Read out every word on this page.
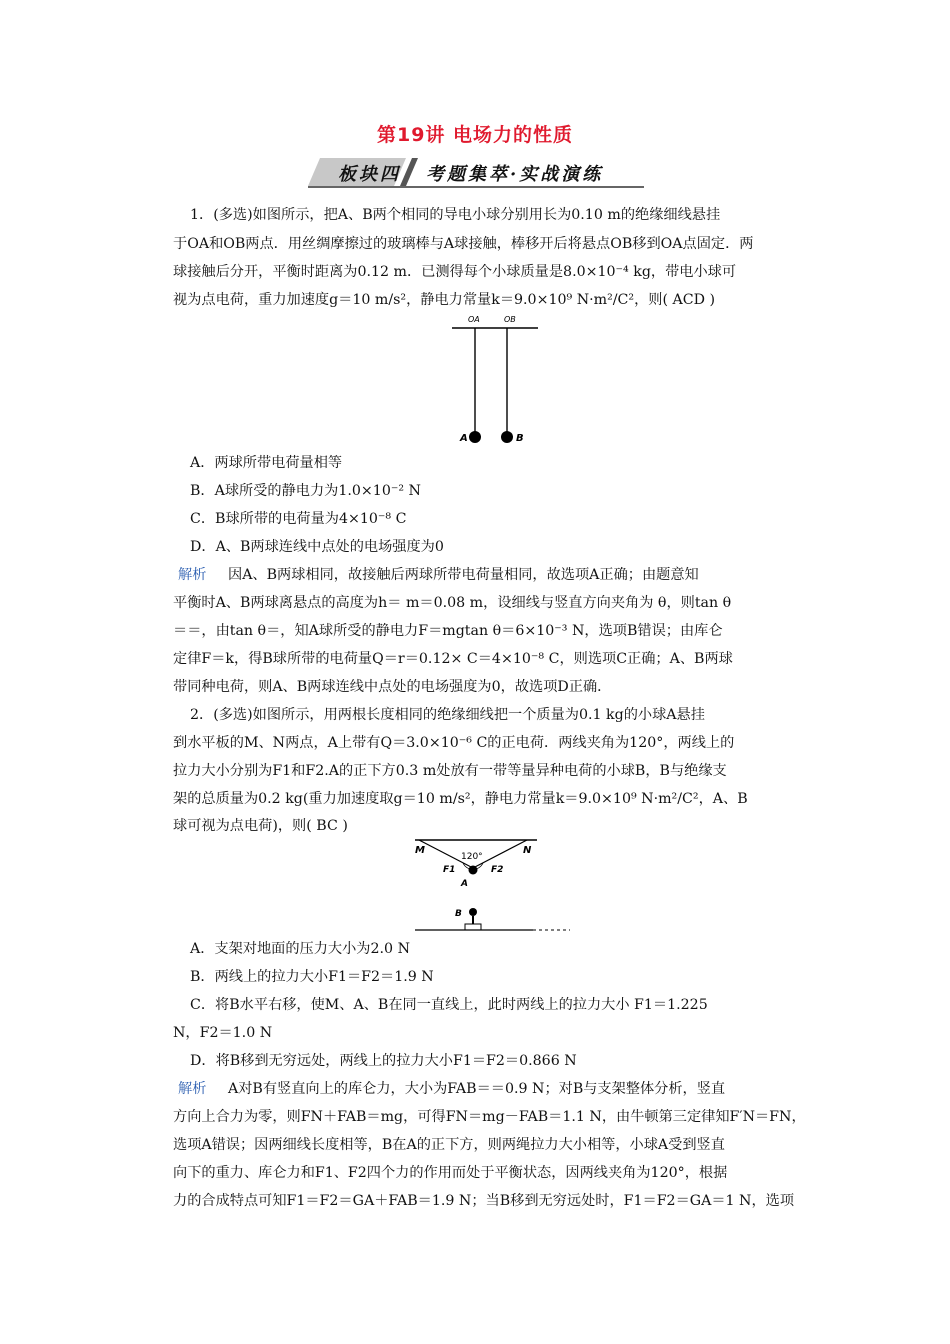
第19讲 电场力的性质
板块四 考题集萃·实战演练
1．(多选)如图所示，把A、B两个相同的导电小球分别用长为0.10 m的绝缘细线悬挂
于OA和OB两点．用丝绸摩擦过的玻璃棒与A球接触，棒移开后将悬点OB移到OA点固定．两
球接触后分开，平衡时距离为0.12 m．已测得每个小球质量是8.0×10⁻⁴ kg，带电小球可
视为点电荷，重力加速度g＝10 m/s²，静电力常量k＝9.0×10⁹ N·m²/C²，则( ACD )
OA	OB
A	B
A．两球所带电荷量相等
B．A球所受的静电力为1.0×10⁻² N
C．B球所带的电荷量为4×10⁻⁸ C
D．A、B两球连线中点处的电场强度为0
解析 因A、B两球相同，故接触后两球所带电荷量相同，故选项A正确；由题意知
平衡时A、B两球离悬点的高度为h＝ m＝0.08 m，设细线与竖直方向夹角为 θ，则tan θ
＝＝，由tan θ＝，知A球所受的静电力F＝mgtan θ＝6×10⁻³ N，选项B错误；由库仑
定律F＝k，得B球所带的电荷量Q＝r＝0.12× C＝4×10⁻⁸ C，则选项C正确；A、B两球
带同种电荷，则A、B两球连线中点处的电场强度为0，故选项D正确．
2．(多选)如图所示，用两根长度相同的绝缘细线把一个质量为0.1 kg的小球A悬挂
到水平板的M、N两点，A上带有Q＝3.0×10⁻⁶ C的正电荷．两线夹角为120°，两线上的
拉力大小分别为F1和F2.A的正下方0.3 m处放有一带等量异种电荷的小球B，B与绝缘支
架的总质量为0.2 kg(重力加速度取g＝10 m/s²，静电力常量k＝9.0×10⁹ N·m²/C²，A、B
球可视为点电荷)，则( BC )
M	N
120°
F1	F2
A
B
A．支架对地面的压力大小为2.0 N
B．两线上的拉力大小F1＝F2＝1.9 N
C．将B水平右移，使M、A、B在同一直线上，此时两线上的拉力大小 F1＝1.225
N，F2＝1.0 N
D．将B移到无穷远处，两线上的拉力大小F1＝F2＝0.866 N
解析 A对B有竖直向上的库仑力，大小为FAB＝＝0.9 N；对B与支架整体分析，竖直
方向上合力为零，则FN＋FAB＝mg，可得FN＝mg－FAB＝1.1 N，由牛顿第三定律知F′N＝FN，
选项A错误；因两细线长度相等，B在A的正下方，则两绳拉力大小相等，小球A受到竖直
向下的重力、库仑力和F1、F2四个力的作用而处于平衡状态，因两线夹角为120°，根据
力的合成特点可知F1＝F2＝GA＋FAB＝1.9 N；当B移到无穷远处时，F1＝F2＝GA＝1 N，选项
